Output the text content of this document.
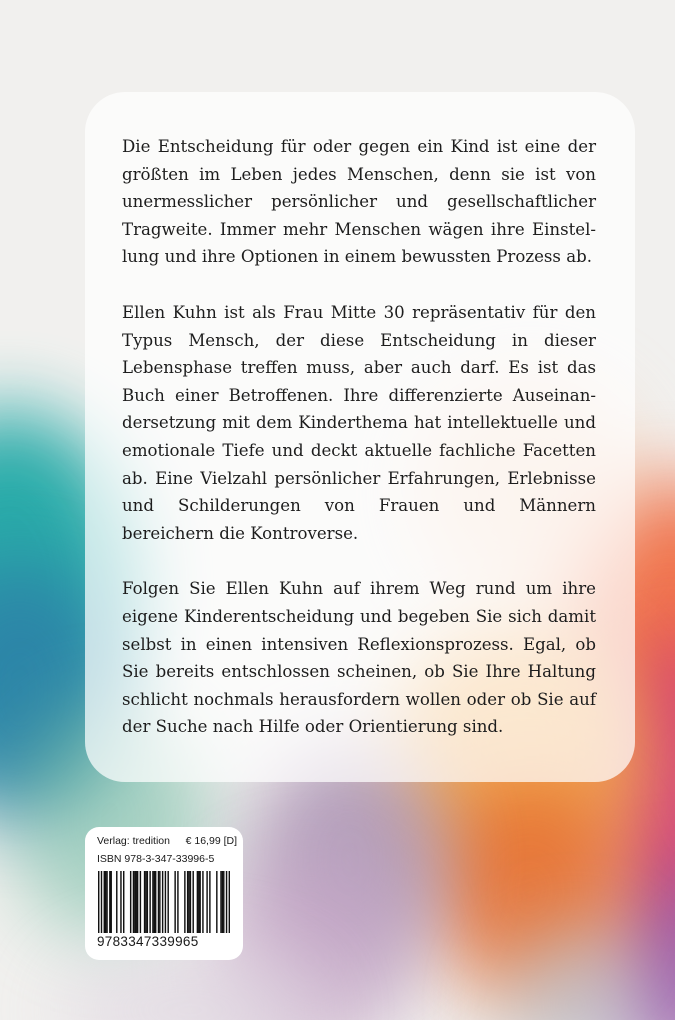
Die Entscheidung für oder gegen ein Kind ist eine der größten im Leben jedes Menschen, denn sie ist von unermesslicher persönlicher und gesellschaftlicher Tragweite. Immer mehr Menschen wägen ihre Einstellung und ihre Optionen in einem bewussten Prozess ab.

Ellen Kuhn ist als Frau Mitte 30 repräsentativ für den Typus Mensch, der diese Entscheidung in dieser Lebensphase treffen muss, aber auch darf. Es ist das Buch einer Betroffenen. Ihre differenzierte Auseinandersetzung mit dem Kinderthema hat intellektuelle und emotionale Tiefe und deckt aktuelle fachliche Facetten ab. Eine Vielzahl persönlicher Erfahrungen, Erlebnisse und Schilderungen von Frauen und Männern bereichern die Kontroverse.

Folgen Sie Ellen Kuhn auf ihrem Weg rund um ihre eigene Kinderentscheidung und begeben Sie sich damit selbst in einen intensiven Reflexionsprozess. Egal, ob Sie bereits entschlossen scheinen, ob Sie Ihre Haltung schlicht nochmals herausfordern wollen oder ob Sie auf der Suche nach Hilfe oder Orientierung sind.

Verlag: tredition € 16,99 [D]
ISBN 978-3-347-33996-5
9783347339965
